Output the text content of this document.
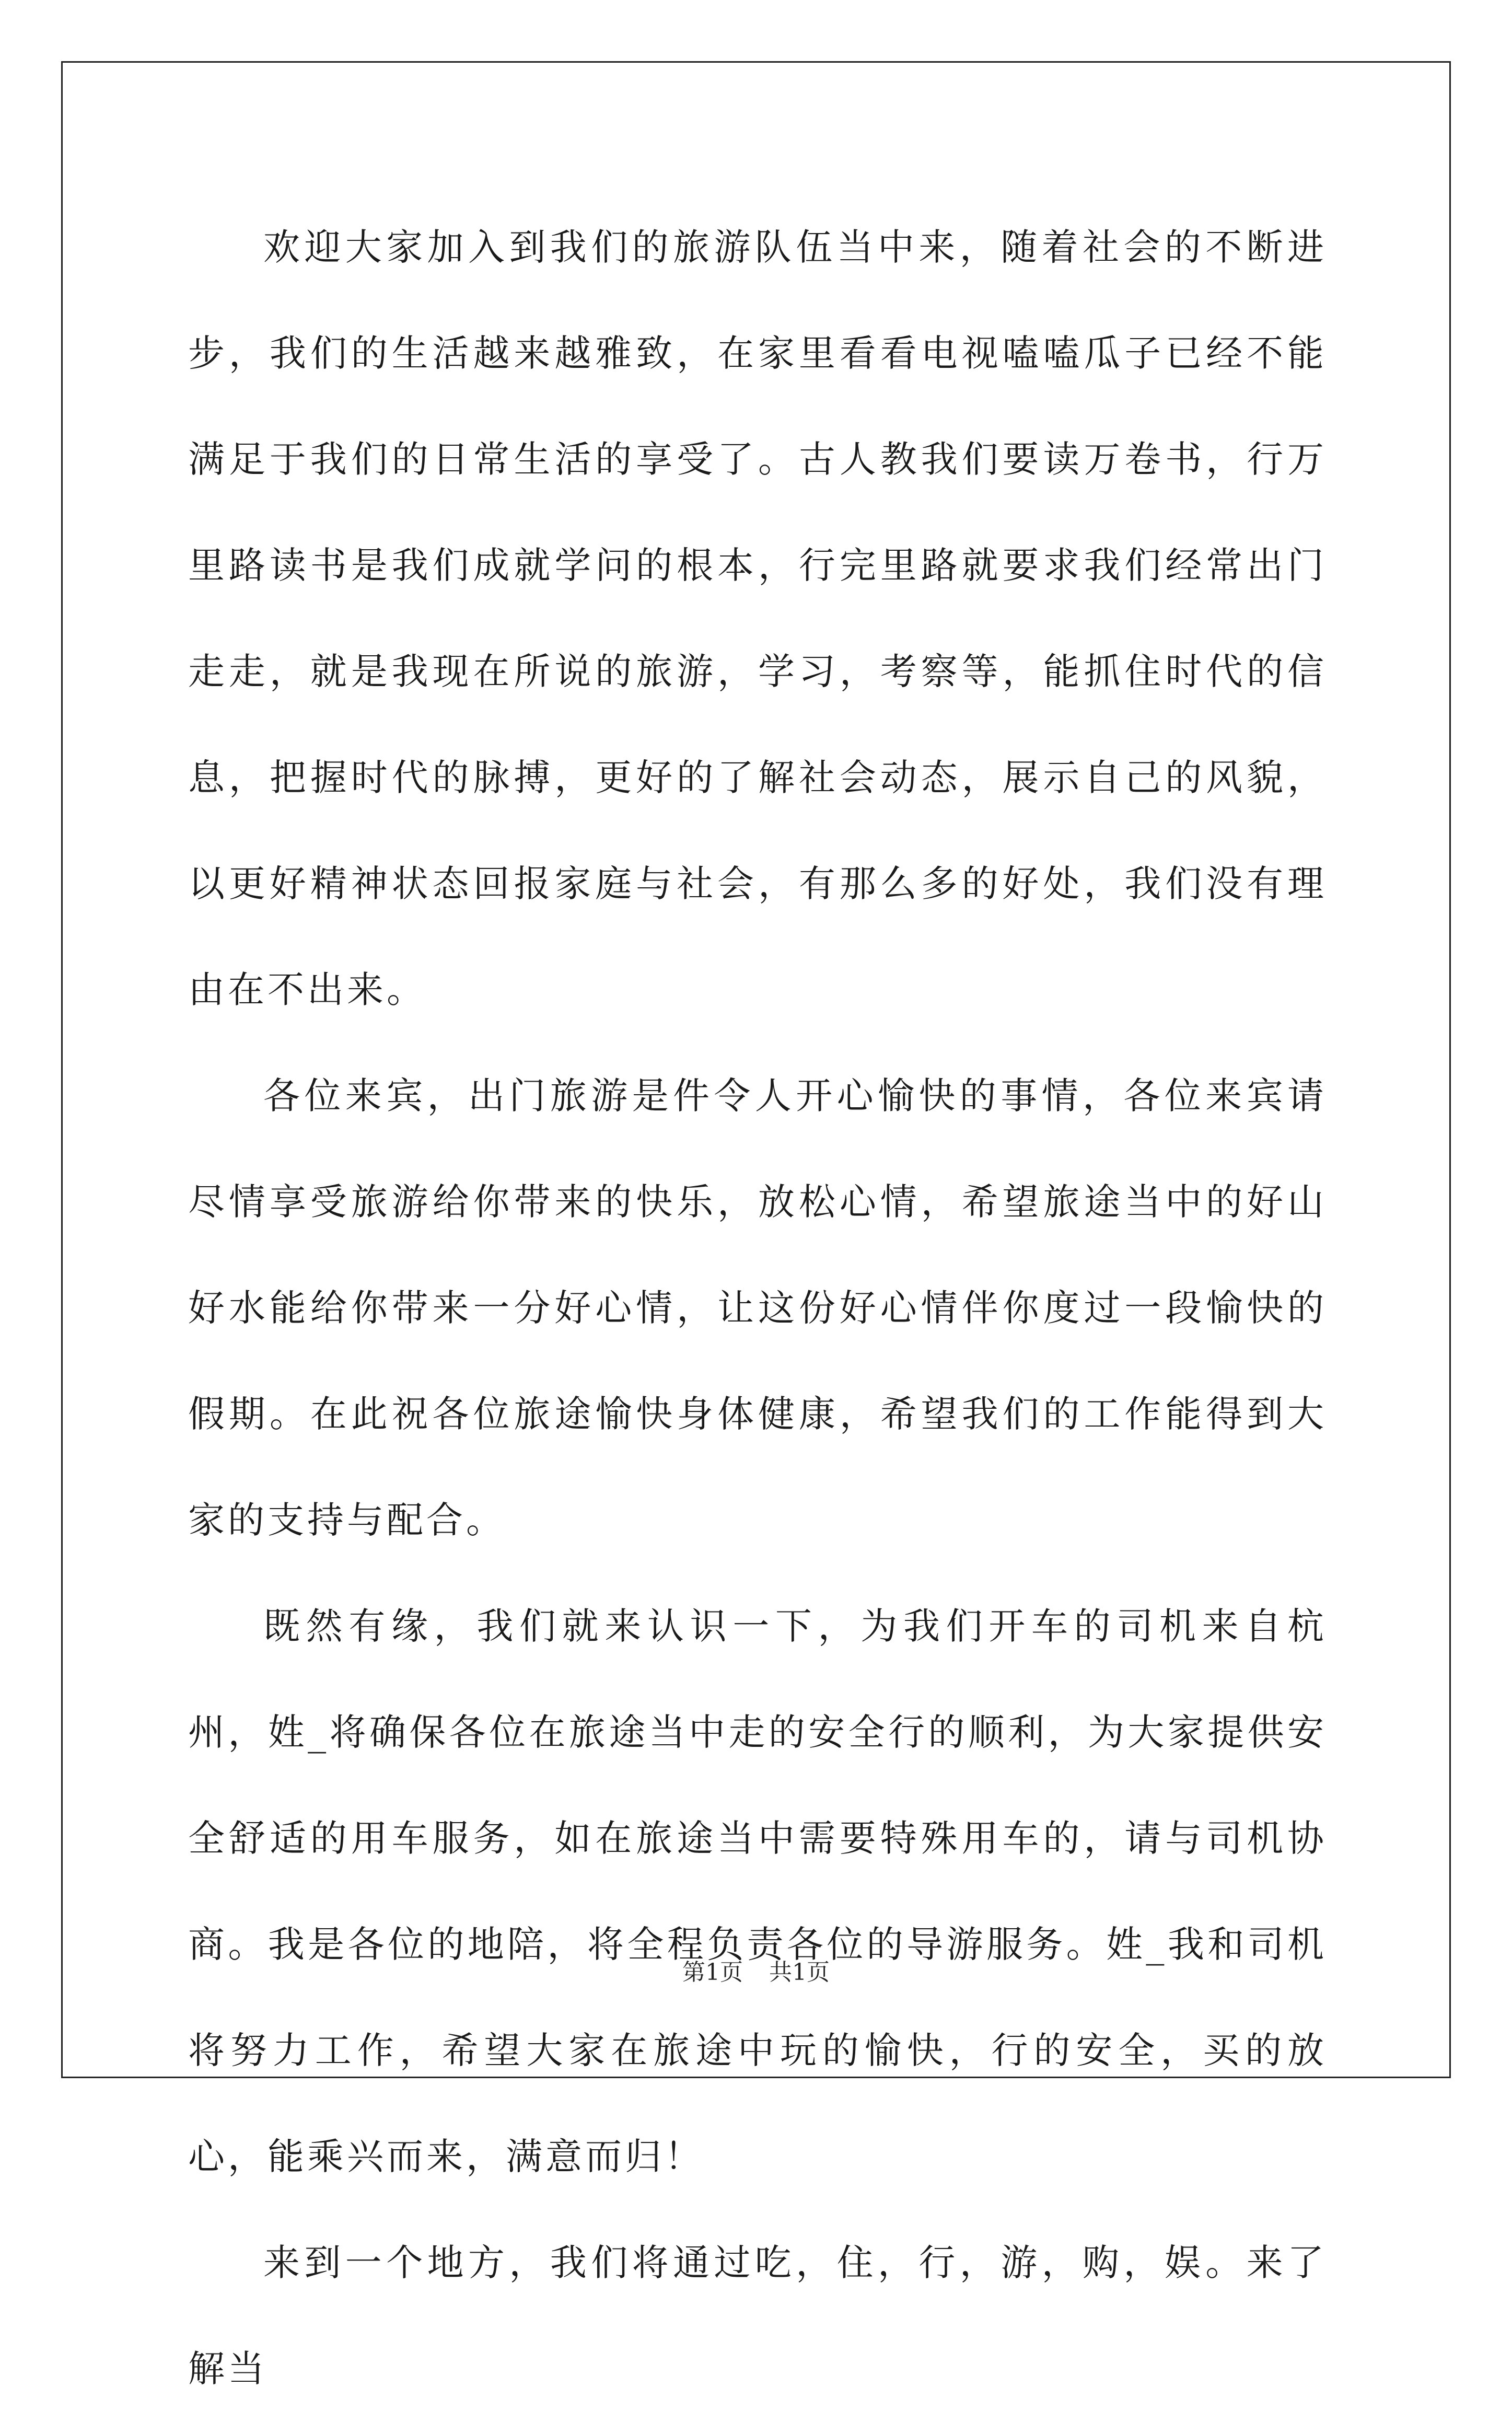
欢迎大家加入到我们的旅游队伍当中来，随着社会的不断进步，我们的生活越来越雅致，在家里看看电视嗑嗑瓜子已经不能满足于我们的日常生活的享受了。古人教我们要读万卷书，行万里路读书是我们成就学问的根本，行完里路就要求我们经常出门走走，就是我现在所说的旅游，学习，考察等，能抓住时代的信息，把握时代的脉搏，更好的了解社会动态，展示自己的风貌，以更好精神状态回报家庭与社会，有那么多的好处，我们没有理由在不出来。

各位来宾，出门旅游是件令人开心愉快的事情，各位来宾请尽情享受旅游给你带来的快乐，放松心情，希望旅途当中的好山好水能给你带来一分好心情，让这份好心情伴你度过一段愉快的假期。在此祝各位旅途愉快身体健康，希望我们的工作能得到大家的支持与配合。

既然有缘，我们就来认识一下，为我们开车的司机来自杭州，姓_将确保各位在旅途当中走的安全行的顺利，为大家提供安全舒适的用车服务，如在旅途当中需要特殊用车的，请与司机协商。我是各位的地陪，将全程负责各位的导游服务。姓_我和司机将努力工作，希望大家在旅途中玩的愉快，行的安全，买的放心，能乘兴而来，满意而归！

来到一个地方，我们将通过吃，住，行，游，购，娱。来了解当

第1页 共1页
